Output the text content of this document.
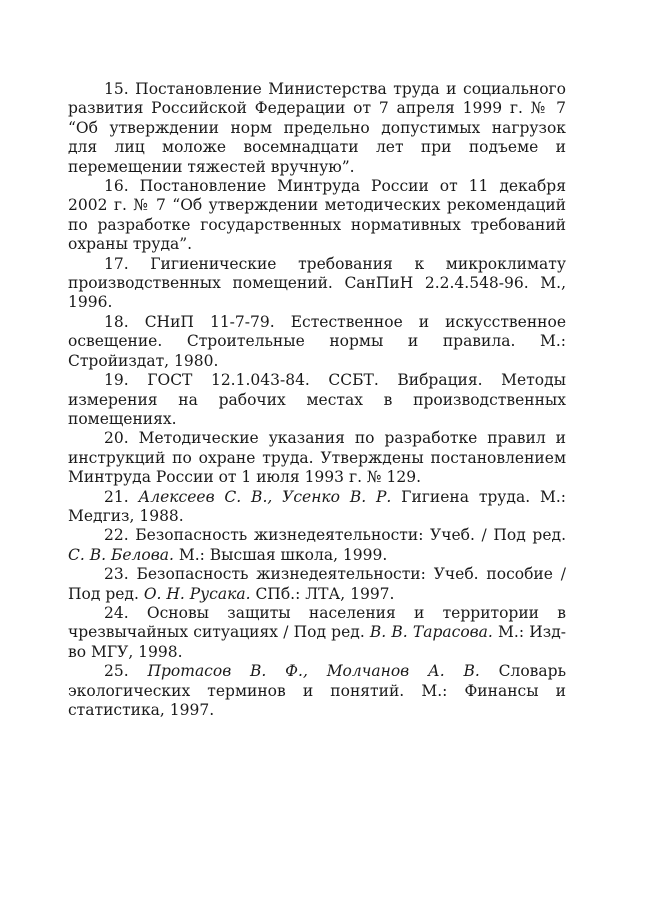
15. Постановление Министерства труда и социального развития Российской Федерации от 7 апреля 1999 г. № 7 “Об утверждении норм предельно допустимых нагрузок для лиц моложе восемнадцати лет при подъеме и перемещении тяжестей вручную”.

16. Постановление Минтруда России от 11 декабря 2002 г. № 7 “Об утверждении методических рекомендаций по разработке государственных нормативных требований охраны труда”.

17. Гигиенические требования к микроклимату производственных помещений. СанПиН 2.2.4.548-96. М., 1996.

18. СНиП 11-7-79. Естественное и искусственное освещение. Строительные нормы и правила. М.: Стройиздат, 1980.

19. ГОСТ 12.1.043-84. ССБТ. Вибрация. Методы измерения на рабочих местах в производственных помещениях.

20. Методические указания по разработке правил и инструкций по охране труда. Утверждены постановлением Минтруда России от 1 июля 1993 г. № 129.

21. Алексеев С. В., Усенко В. Р. Гигиена труда. М.: Медгиз, 1988.

22. Безопасность жизнедеятельности: Учеб. / Под ред. С. В. Белова. М.: Высшая школа, 1999.

23. Безопасность жизнедеятельности: Учеб. пособие / Под ред. О. Н. Русака. СПб.: ЛТА, 1997.

24. Основы защиты населения и территории в чрезвычайных ситуациях / Под ред. В. В. Тарасова. М.: Изд-во МГУ, 1998.

25. Протасов В. Ф., Молчанов А. В. Словарь экологических терминов и понятий. М.: Финансы и статистика, 1997.
